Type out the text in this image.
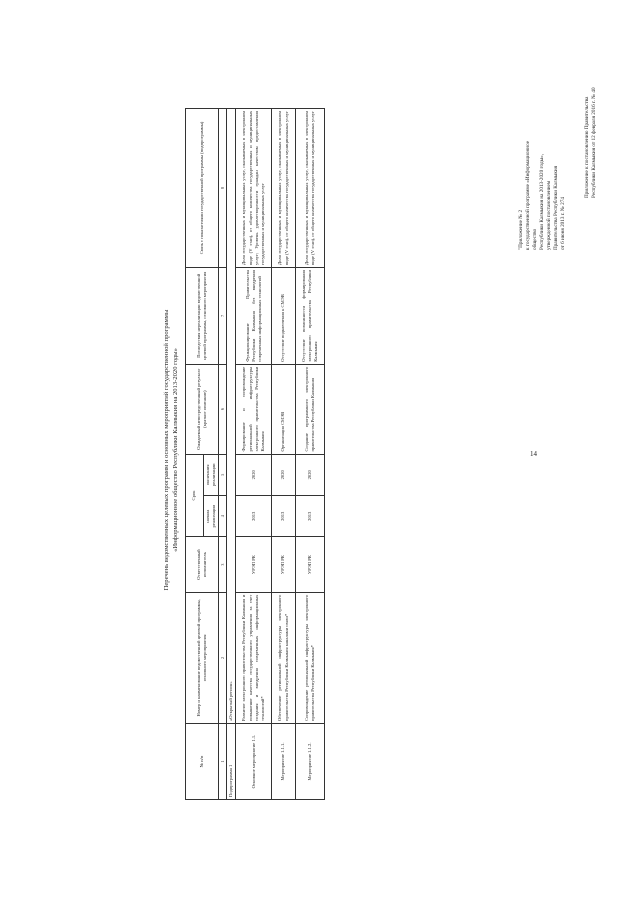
Приложение к постановлению Правительства Республики Калмыкия от 12 февраля 2016 г. № 40
"Приложение № 2 к государственной программе «Информационное общество Республики Калмыкия на 2013-2020 годы», утвержденной постановлением Правительства Республики Калмыкия от 6 июня 2013 г. № 274
Перечень ведомственных целевых программ и основных мероприятий государственной программы «Информационное общество Республики Калмыкия на 2013-2020 годы»	14
№ п/п	Номер и наименование ведомственной целевой программы, основного мероприятия	Ответственный исполнитель	Срок		Ожидаемый непосредственный результат (краткое описание)	Последствия нереализации ведомственной целевой программы, основного мероприятия	Связь с показателями государственной программы (подпрограммы)
			начала реализации	окончания реализации			
1	2	3	4	5	6	7	8
Подпрограмма 1	«Открытый регион»						
Основное мероприятие 1.1.	Развитие электронного правительства Республики Калмыкия и повышение качества государственного управления за счет создания и внедрения современных информационных технологий*	УРЭП РК	2013	2020	Формирование и сопровождение региональной инфраструктуры электронного правительства Республики Калмыкия	Функционирование Правительства Республики Калмыкия без внедрения современных информационных технологий	Доля государственных и муниципальных услуг, оказываемых в электронном виде (V этап), от общего количества государственных и муниципальных услуг; Уровень удовлетворенности граждан качеством предоставления государственных и муниципальных услуг
Мероприятие 1.1.1.	Обеспечение региональной инфраструктуры электронного правительства Республики Калмыкия каналами связи*	УРЭП РК	2013	2020	Организация СМЭВ	Отсутствие подключения к СМЭВ	Доля государственных и муниципальных услуг, оказываемых в электронном виде (V этап), от общего количества государственных и муниципальных услуг
Мероприятие 1.1.2.	Сопровождение региональной инфраструктуры электронного правительства Республики Калмыкия*	УРЭП РК	2013	2020	Создание программного электронного правительства Республики Калмыкия	Отсутствие возможности формирования электронного правительства Республики Калмыкия	Доля государственных и муниципальных услуг, оказываемых в электронном виде (V этап), от общего количества государственных и муниципальных услуг
